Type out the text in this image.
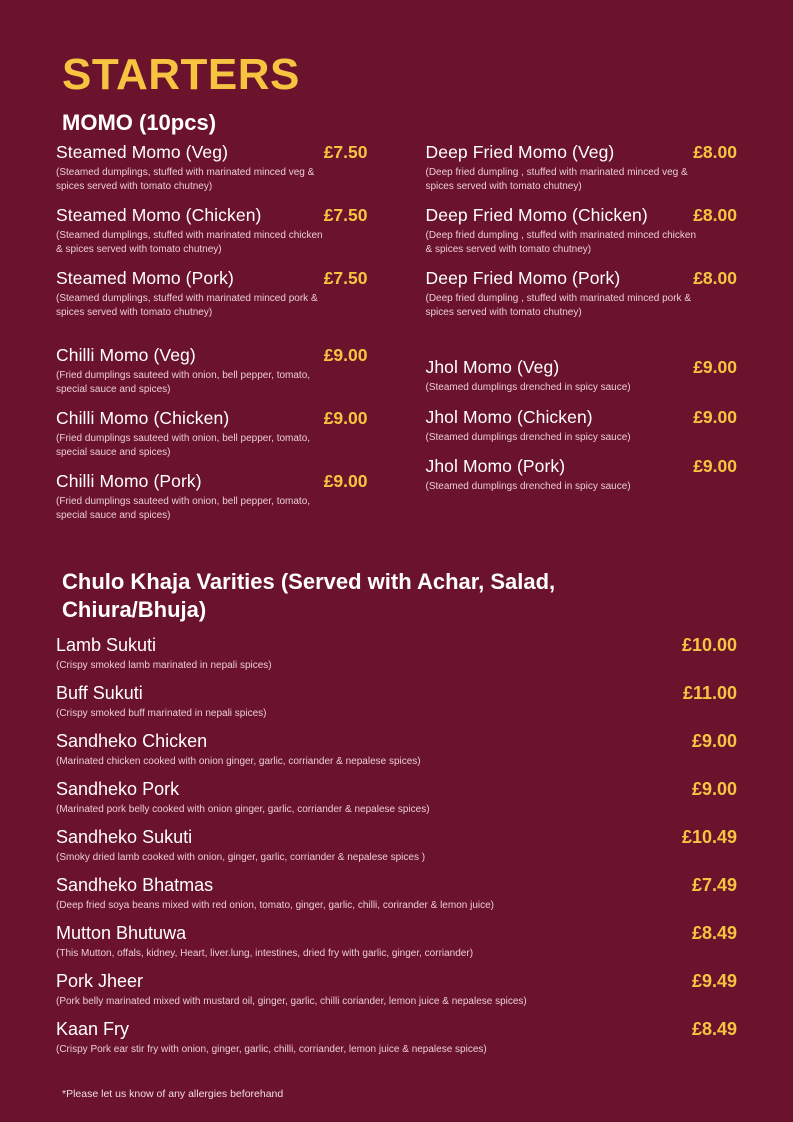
STARTERS
MOMO (10pcs)
Steamed Momo (Veg)	£7.50
(Steamed dumplings, stuffed with marinated minced veg & spices served with tomato chutney)
Steamed Momo (Chicken)	£7.50
(Steamed dumplings, stuffed with marinated minced chicken & spices served with tomato chutney)
Steamed Momo (Pork)	£7.50
(Steamed dumplings, stuffed with marinated minced pork & spices served with tomato chutney)
Chilli Momo (Veg)	£9.00
(Fried dumplings sauteed with onion, bell pepper, tomato, special sauce and spices)
Chilli Momo (Chicken)	£9.00
(Fried dumplings sauteed with onion, bell pepper, tomato, special sauce and spices)
Chilli Momo (Pork)	£9.00
(Fried dumplings sauteed with onion, bell pepper, tomato, special sauce and spices)
Deep Fried Momo (Veg)	£8.00
(Deep fried dumpling , stuffed with marinated minced veg & spices served with tomato chutney)
Deep Fried Momo (Chicken)	£8.00
(Deep fried dumpling , stuffed with marinated minced chicken & spices served with tomato chutney)
Deep Fried Momo (Pork)	£8.00
(Deep fried dumpling , stuffed with marinated minced pork & spices served with tomato chutney)
Jhol Momo (Veg)	£9.00
(Steamed dumplings drenched in spicy sauce)
Jhol Momo (Chicken)	£9.00
(Steamed dumplings drenched in spicy sauce)
Jhol Momo (Pork)	£9.00
(Steamed dumplings drenched in spicy sauce)
Chulo Khaja Varities (Served with Achar, Salad, Chiura/Bhuja)
Lamb Sukuti	£10.00
(Crispy smoked lamb marinated in nepali spices)
Buff Sukuti	£11.00
(Crispy smoked buff marinated in nepali spices)
Sandheko Chicken	£9.00
(Marinated chicken cooked with onion ginger, garlic, corriander & nepalese spices)
Sandheko Pork	£9.00
(Marinated pork belly cooked with onion ginger, garlic, corriander & nepalese spices)
Sandheko Sukuti	£10.49
(Smoky dried lamb cooked with onion, ginger, garlic, corriander & nepalese spices )
Sandheko Bhatmas	£7.49
(Deep fried soya beans mixed with red onion, tomato, ginger, garlic, chilli, corirander & lemon juice)
Mutton Bhutuwa	£8.49
(This Mutton, offals, kidney, Heart, liver.lung, intestines, dried fry with garlic, ginger, corriander)
Pork Jheer	£9.49
(Pork belly marinated mixed with mustard oil, ginger, garlic, chilli coriander, lemon juice & nepalese spices)
Kaan Fry	£8.49
(Crispy Pork ear stir fry with onion, ginger, garlic, chilli, corriander, lemon juice & nepalese spices)
*Please let us know of any allergies beforehand
